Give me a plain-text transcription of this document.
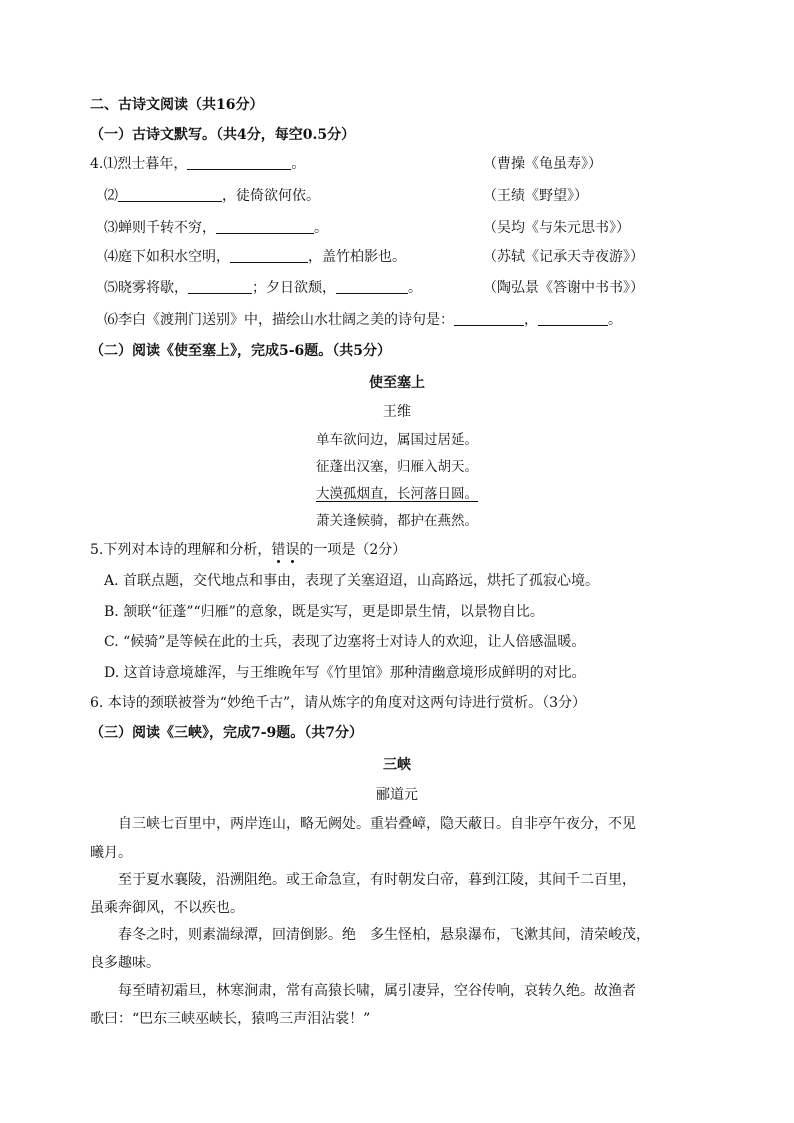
二、古诗文阅读（共16分）
（一）古诗文默写。（共4分，每空0.5分）
4.⑴烈士暮年，	。	（曹操《龟虽寿》）
⑵	，徒倚欲何依。	（王绩《野望》）
⑶蝉则千转不穷，	。	（吴均《与朱元思书》）
⑷庭下如积水空明，	，盖竹柏影也。	（苏轼《记承天寺夜游》）
⑸晓雾将歇，	；夕日欲颓，	。	（陶弘景《答谢中书书》）
⑹李白《渡荆门送别》中，描绘山水壮阔之美的诗句是：	，	。
（二）阅读《使至塞上》，完成5-6题。（共5分）
使至塞上
王维
单车欲问边，属国过居延。
征蓬出汉塞，归雁入胡天。
大漠孤烟直，长河落日圆。
萧关逢候骑，都护在燕然。
5.下列对本诗的理解和分析，错误的一项是（2分）
A. 首联点题，交代地点和事由，表现了关塞迢迢，山高路远，烘托了孤寂心境。
B. 颔联“征蓬”“归雁”的意象，既是实写，更是即景生情，以景物自比。
C. “候骑”是等候在此的士兵，表现了边塞将士对诗人的欢迎，让人倍感温暖。
D. 这首诗意境雄浑，与王维晚年写《竹里馆》那种清幽意境形成鲜明的对比。
6. 本诗的颈联被誉为“妙绝千古”，请从炼字的角度对这两句诗进行赏析。（3分）
（三）阅读《三峡》，完成7-9题。（共7分）
三峡
郦道元
自三峡七百里中，两岸连山，略无阙处。重岩叠嶂，隐天蔽日。自非亭午夜分，不见
曦月。
至于夏水襄陵，沿溯阻绝。或王命急宣，有时朝发白帝，暮到江陵，其间千二百里，
虽乘奔御风，不以疾也。
春冬之时，则素湍绿潭，回清倒影。绝　多生怪柏，悬泉瀑布，飞漱其间，清荣峻茂，
良多趣味。
每至晴初霜旦，林寒涧肃，常有高猿长啸，属引凄异，空谷传响，哀转久绝。故渔者
歌曰：“巴东三峡巫峡长，猿鸣三声泪沾裳！”
